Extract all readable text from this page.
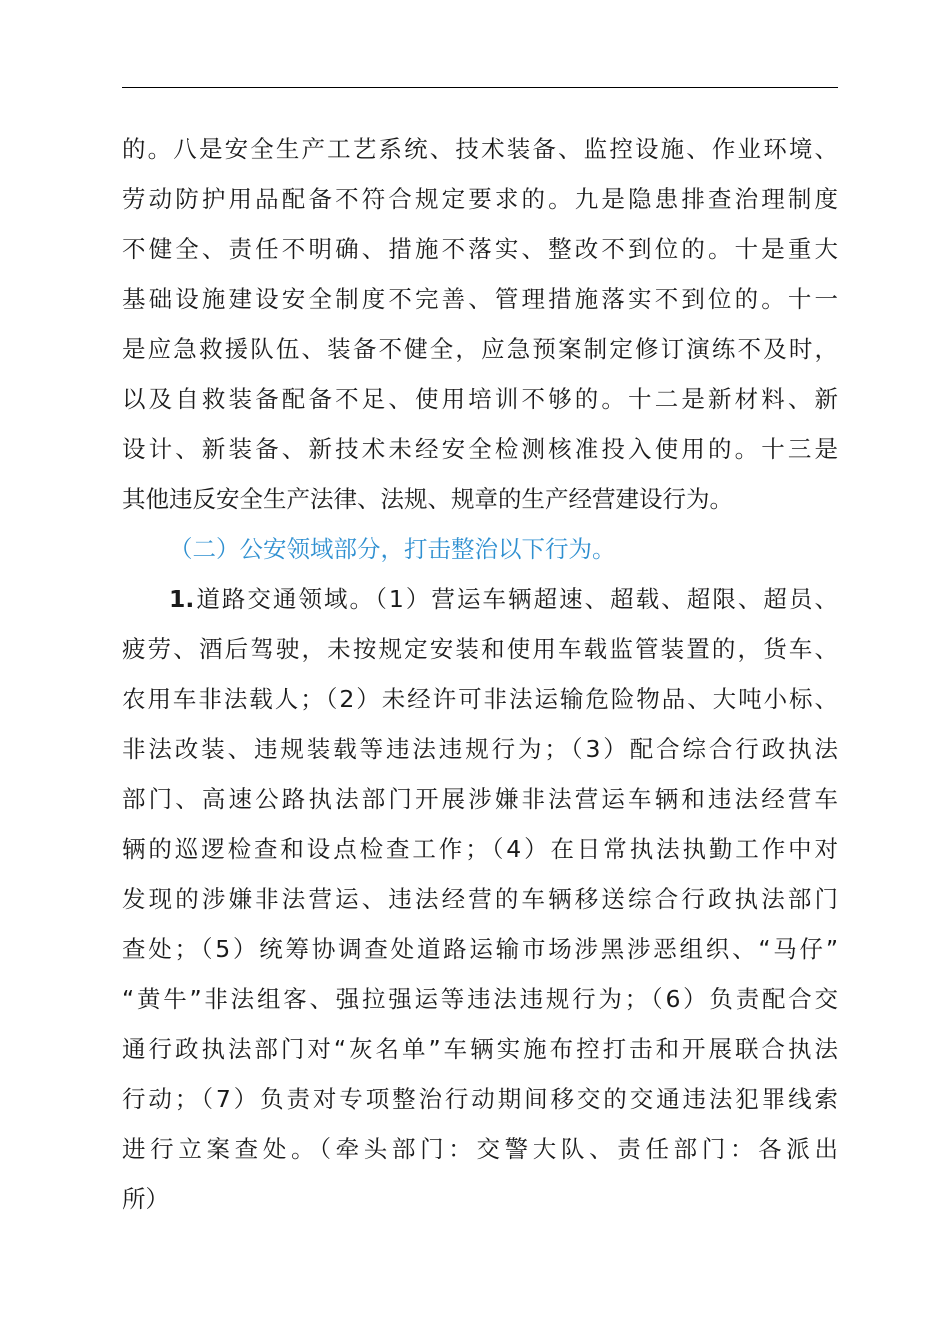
的。八是安全生产工艺系统、技术装备、监控设施、作业环境、
劳动防护用品配备不符合规定要求的。九是隐患排查治理制度
不健全、责任不明确、措施不落实、整改不到位的。十是重大
基础设施建设安全制度不完善、管理措施落实不到位的。十一
是应急救援队伍、装备不健全，应急预案制定修订演练不及时，
以及自救装备配备不足、使用培训不够的。十二是新材料、新
设计、新装备、新技术未经安全检测核准投入使用的。十三是
其他违反安全生产法律、法规、规章的生产经营建设行为。
（二）公安领域部分，打击整治以下行为。
1.道路交通领域。（1）营运车辆超速、超载、超限、超员、
疲劳、酒后驾驶，未按规定安装和使用车载监管装置的，货车、
农用车非法载人；（2）未经许可非法运输危险物品、大吨小标、
非法改装、违规装载等违法违规行为；（3）配合综合行政执法
部门、高速公路执法部门开展涉嫌非法营运车辆和违法经营车
辆的巡逻检查和设点检查工作；（4）在日常执法执勤工作中对
发现的涉嫌非法营运、违法经营的车辆移送综合行政执法部门
查处；（5）统筹协调查处道路运输市场涉黑涉恶组织、“马仔”
“黄牛”非法组客、强拉强运等违法违规行为；（6）负责配合交
通行政执法部门对“灰名单”车辆实施布控打击和开展联合执法
行动；（7）负责对专项整治行动期间移交的交通违法犯罪线索
进行立案查处。（牵头部门：交警大队、责任部门：各派出
所）
